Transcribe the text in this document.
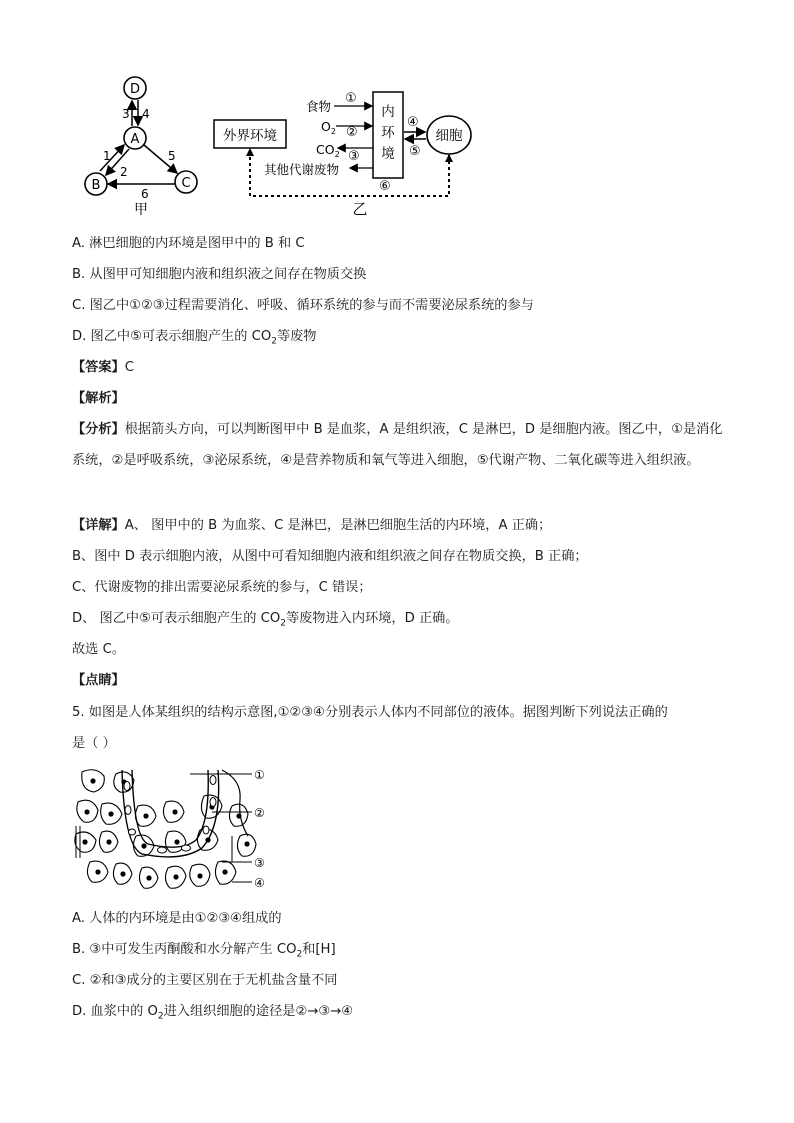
D
A
B	C
3 4
1
2
5
6
甲
外界环境
内
环
境
细胞
食物
①
$O_2$ ②
$CO_2$ ③
其他代谢废物
④
⑤
⑥
乙
A. 淋巴细胞的内环境是图甲中的 B 和 C
B. 从图甲可知细胞内液和组织液之间存在物质交换
C. 图乙中①②③过程需要消化、呼吸、循环系统的参与而不需要泌尿系统的参与
D. 图乙中⑤可表示细胞产生的 $CO_2$等废物
【答案】C
【解析】
【分析】根据箭头方向，可以判断图甲中 B 是血浆，A 是组织液，C 是淋巴，D 是细胞内液。图乙中，①是消化系统，②是呼吸系统，③泌尿系统，④是营养物质和氧气等进入细胞，⑤代谢产物、二氧化碳等进入组织液。
【详解】A、 图甲中的 B 为血浆、C 是淋巴，是淋巴细胞生活的内环境，A 正确；
B、图中 D 表示细胞内液，从图中可看知细胞内液和组织液之间存在物质交换，B 正确；
C、代谢废物的排出需要泌尿系统的参与，C 错误；
D、 图乙中⑤可表示细胞产生的 $CO_2$等废物进入内环境，D 正确。
故选 C。
【点睛】
5. 如图是人体某组织的结构示意图,①②③④分别表示人体内不同部位的液体。据图判断下列说法正确的
是（ ）
①
②
③
④
A. 人体的内环境是由①②③④组成的
B. ③中可发生丙酮酸和水分解产生 $CO_2$和[H]
C. ②和③成分的主要区别在于无机盐含量不同
D. 血浆中的 $O_2$进入组织细胞的途径是②→③→④
